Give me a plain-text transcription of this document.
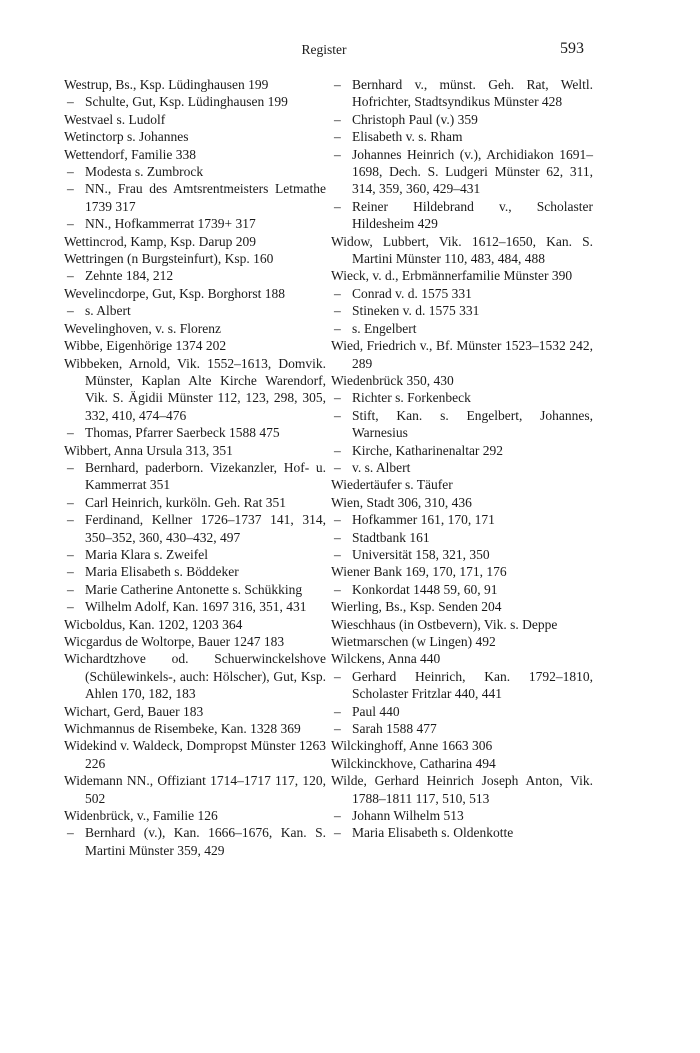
Register	593
Westrup, Bs., Ksp. Lüdinghausen 199
– Schulte, Gut, Ksp. Lüdinghausen 199
Westvael s. Ludolf
Wetinctorp s. Johannes
Wettendorf, Familie 338
– Modesta s. Zumbrock
– NN., Frau des Amtsrentmeisters Letmathe 1739 317
– NN., Hofkammerrat 1739+ 317
Wettincrod, Kamp, Ksp. Darup 209
Wettringen (n Burgsteinfurt), Ksp. 160
– Zehnte 184, 212
Wevelincdorpe, Gut, Ksp. Borghorst 188
– s. Albert
Wevelinghoven, v. s. Florenz
Wibbe, Eigenhörige 1374 202
Wibbeken, Arnold, Vik. 1552–1613, Domvik. Münster, Kaplan Alte Kirche Warendorf, Vik. S. Ägidii Münster 112, 123, 298, 305, 332, 410, 474–476
– Thomas, Pfarrer Saerbeck 1588 475
Wibbert, Anna Ursula 313, 351
– Bernhard, paderborn. Vizekanzler, Hof- u. Kammerrat 351
– Carl Heinrich, kurköln. Geh. Rat 351
– Ferdinand, Kellner 1726–1737 141, 314, 350–352, 360, 430–432, 497
– Maria Klara s. Zweifel
– Maria Elisabeth s. Böddeker
– Marie Catherine Antonette s. Schükking
– Wilhelm Adolf, Kan. 1697 316, 351, 431
Wicboldus, Kan. 1202, 1203 364
Wicgardus de Woltorpe, Bauer 1247 183
Wichardtzhove od. Schuerwinckelshove (Schülewinkels-, auch: Hölscher), Gut, Ksp. Ahlen 170, 182, 183
Wichart, Gerd, Bauer 183
Wichmannus de Risembeke, Kan. 1328 369
Widekind v. Waldeck, Dompropst Münster 1263 226
Widemann NN., Offiziant 1714–1717 117, 120, 502
Widenbrück, v., Familie 126
– Bernhard (v.), Kan. 1666–1676, Kan. S. Martini Münster 359, 429
– Bernhard v., münst. Geh. Rat, Weltl. Hofrichter, Stadtsyndikus Münster 428
– Christoph Paul (v.) 359
– Elisabeth v. s. Rham
– Johannes Heinrich (v.), Archidiakon 1691–1698, Dech. S. Ludgeri Münster 62, 311, 314, 359, 360, 429–431
– Reiner Hildebrand v., Scholaster Hildesheim 429
Widow, Lubbert, Vik. 1612–1650, Kan. S. Martini Münster 110, 483, 484, 488
Wieck, v. d., Erbmännerfamilie Münster 390
– Conrad v. d. 1575 331
– Stineken v. d. 1575 331
– s. Engelbert
Wied, Friedrich v., Bf. Münster 1523–1532 242, 289
Wiedenbrück 350, 430
– Richter s. Forkenbeck
– Stift, Kan. s. Engelbert, Johannes, Warnesius
– Kirche, Katharinenaltar 292
– v. s. Albert
Wiedertäufer s. Täufer
Wien, Stadt 306, 310, 436
– Hofkammer 161, 170, 171
– Stadtbank 161
– Universität 158, 321, 350
Wiener Bank 169, 170, 171, 176
– Konkordat 1448 59, 60, 91
Wierling, Bs., Ksp. Senden 204
Wieschhaus (in Ostbevern), Vik. s. Deppe
Wietmarschen (w Lingen) 492
Wilckens, Anna 440
– Gerhard Heinrich, Kan. 1792–1810, Scholaster Fritzlar 440, 441
– Paul 440
– Sarah 1588 477
Wilckinghoff, Anne 1663 306
Wilckinckhove, Catharina 494
Wilde, Gerhard Heinrich Joseph Anton, Vik. 1788–1811 117, 510, 513
– Johann Wilhelm 513
– Maria Elisabeth s. Oldenkotte
